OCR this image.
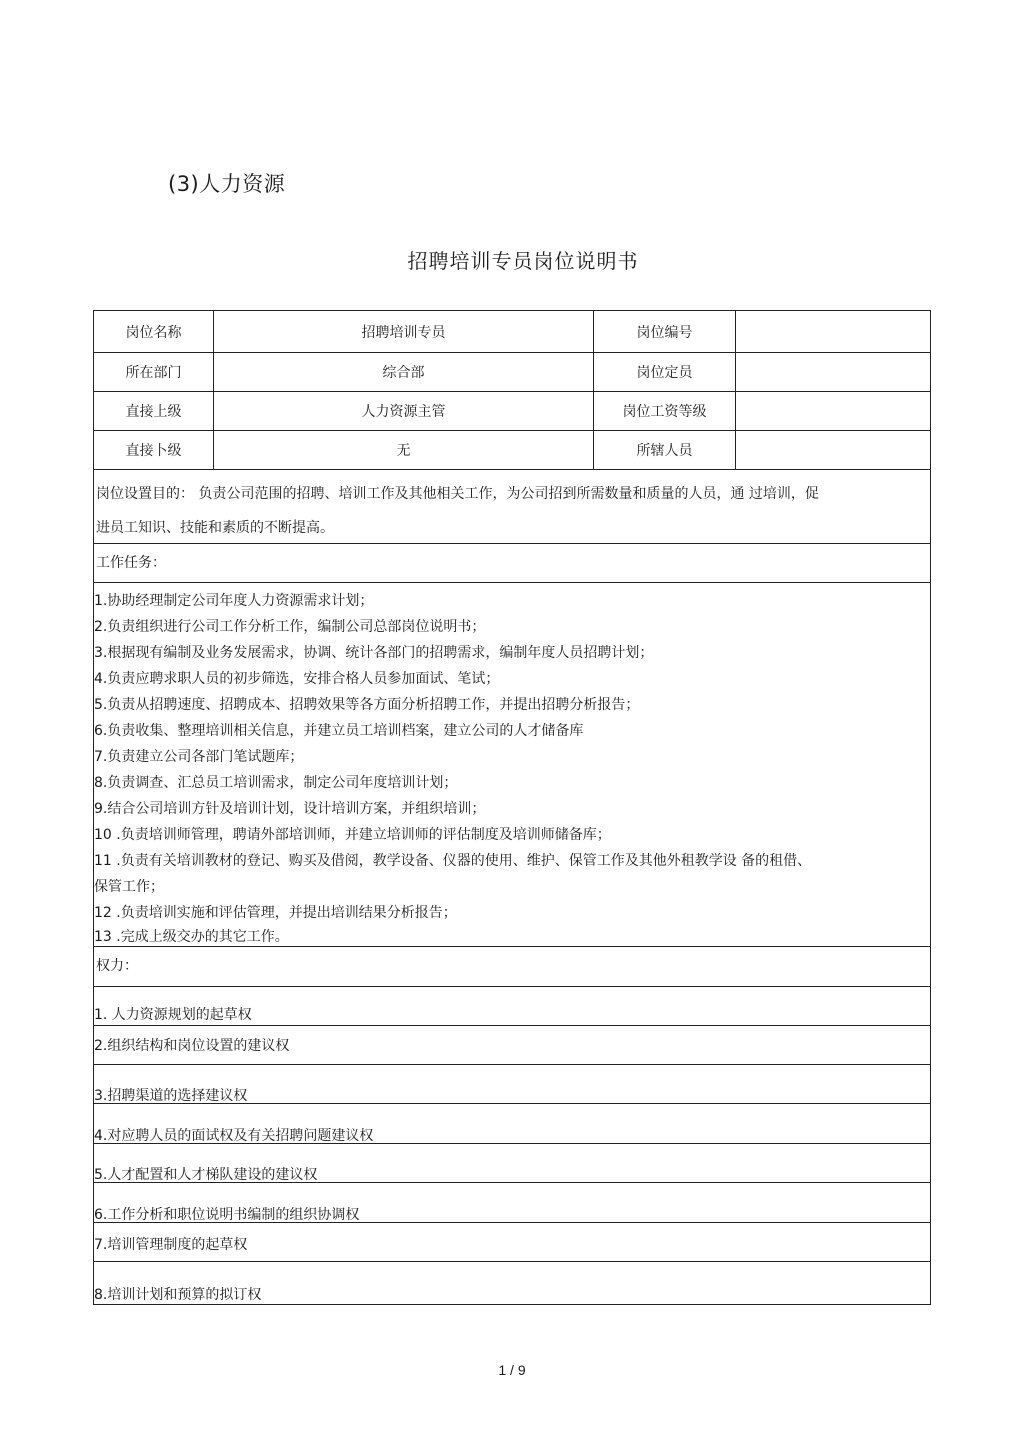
(3)人力资源
招聘培训专员岗位说明书
岗位名称	招聘培训专员	岗位编号
所在部门	综合部	岗位定员
直接上级	人力资源主管	岗位工资等级
直接卜级	无	所辖人员
岗位设置目的： 负责公司范围的招聘、培训工作及其他相关工作，为公司招到所需数量和质量的人员，通 过培训，促
进员工知识、技能和素质的不断提高。
工作任务：
1.协助经理制定公司年度人力资源需求计划；
2.负责组织进行公司工作分析工作，编制公司总部岗位说明书；
3.根据现有编制及业务发展需求，协调、统计各部门的招聘需求，编制年度人员招聘计划；
4.负责应聘求职人员的初步筛选，安排合格人员参加面试、笔试；
5.负责从招聘速度、招聘成本、招聘效果等各方面分析招聘工作，并提出招聘分析报告；
6.负责收集、整理培训相关信息，并建立员工培训档案，建立公司的人才储备库
7.负责建立公司各部门笔试题库；
8.负责调查、汇总员工培训需求，制定公司年度培训计划；
9.结合公司培训方针及培训计划，设计培训方案，并组织培训；
10 .负责培训师管理，聘请外部培训师，并建立培训师的评估制度及培训师储备库；
11 .负责有关培训教材的登记、购买及借阅，教学设备、仪器的使用、维护、保管工作及其他外租教学设 备的租借、
保管工作；
12 .负责培训实施和评估管理，并提出培训结果分析报告；
13 .完成上级交办的其它工作。
权力：
1. 人力资源规划的起草权
2.组织结构和岗位设置的建议权
3.招聘渠道的选择建议权
4.对应聘人员的面试权及有关招聘问题建议权
5.人才配置和人才梯队建设的建议权
6.工作分析和职位说明书编制的组织协调权
7.培训管理制度的起草权
8.培训计划和预算的拟订权
1 / 9
